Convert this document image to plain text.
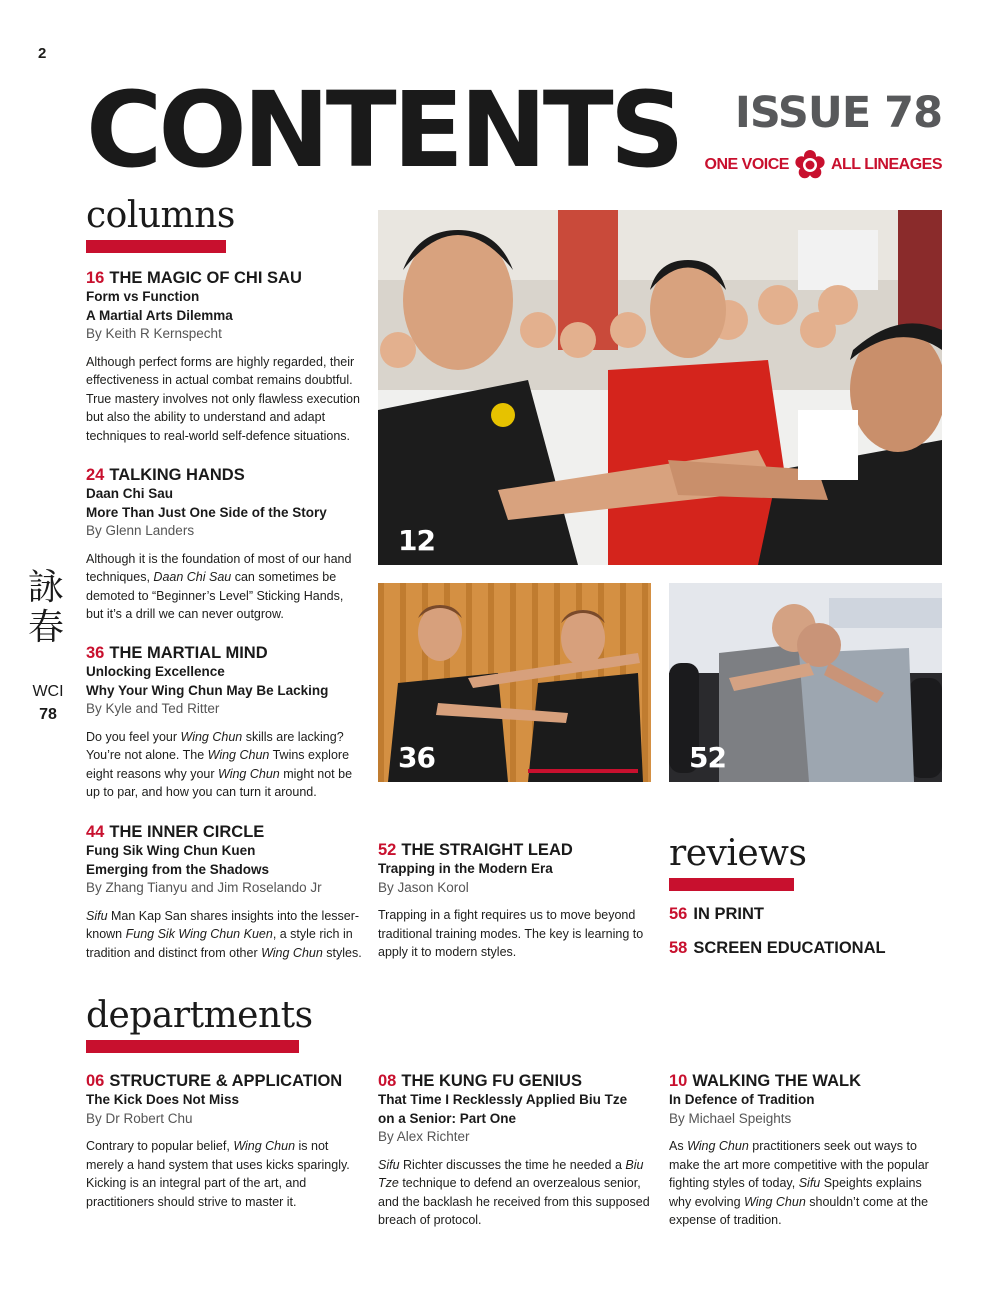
2
CONTENTS ISSUE 78
ONE VOICE	ALL LINEAGES
詠
春
WCI
78
columns
16 THE MAGIC OF CHI SAU
Form vs Function
A Martial Arts Dilemma
By Keith R Kernspecht
Although perfect forms are highly regarded, their effectiveness in actual combat remains doubtful. True mastery involves not only flawless execution but also the ability to understand and adapt techniques to real-world self-defence situations.
24 TALKING HANDS
Daan Chi Sau
More Than Just One Side of the Story
By Glenn Landers
Although it is the foundation of most of our hand techniques, Daan Chi Sau can sometimes be demoted to “Beginner’s Level” Sticking Hands, but it’s a drill we can never outgrow.
36 THE MARTIAL MIND
Unlocking Excellence
Why Your Wing Chun May Be Lacking
By Kyle and Ted Ritter
Do you feel your Wing Chun skills are lacking? You’re not alone. The Wing Chun Twins explore eight reasons why your Wing Chun might not be up to par, and how you can turn it around.
44 THE INNER CIRCLE
Fung Sik Wing Chun Kuen
Emerging from the Shadows
By Zhang Tianyu and Jim Roselando Jr
Sifu Man Kap San shares insights into the lesser-known Fung Sik Wing Chun Kuen, a style rich in tradition and distinct from other Wing Chun styles.
52 THE STRAIGHT LEAD
Trapping in the Modern Era
By Jason Korol
Trapping in a fight requires us to move beyond traditional training modes. The key is learning to apply it to modern styles.
12
36	52
reviews
56 IN PRINT
58 SCREEN EDUCATIONAL
departments
06 STRUCTURE & APPLICATION
The Kick Does Not Miss
By Dr Robert Chu
Contrary to popular belief, Wing Chun is not merely a hand system that uses kicks sparingly. Kicking is an integral part of the art, and practitioners should strive to master it.
08 THE KUNG FU GENIUS
That Time I Recklessly Applied Biu Tze
on a Senior: Part One
By Alex Richter
Sifu Richter discusses the time he needed a Biu Tze technique to defend an overzealous senior, and the backlash he received from this supposed breach of protocol.
10 WALKING THE WALK
In Defence of Tradition
By Michael Speights
As Wing Chun practitioners seek out ways to make the art more competitive with the popular fighting styles of today, Sifu Speights explains why evolving Wing Chun shouldn’t come at the expense of tradition.
